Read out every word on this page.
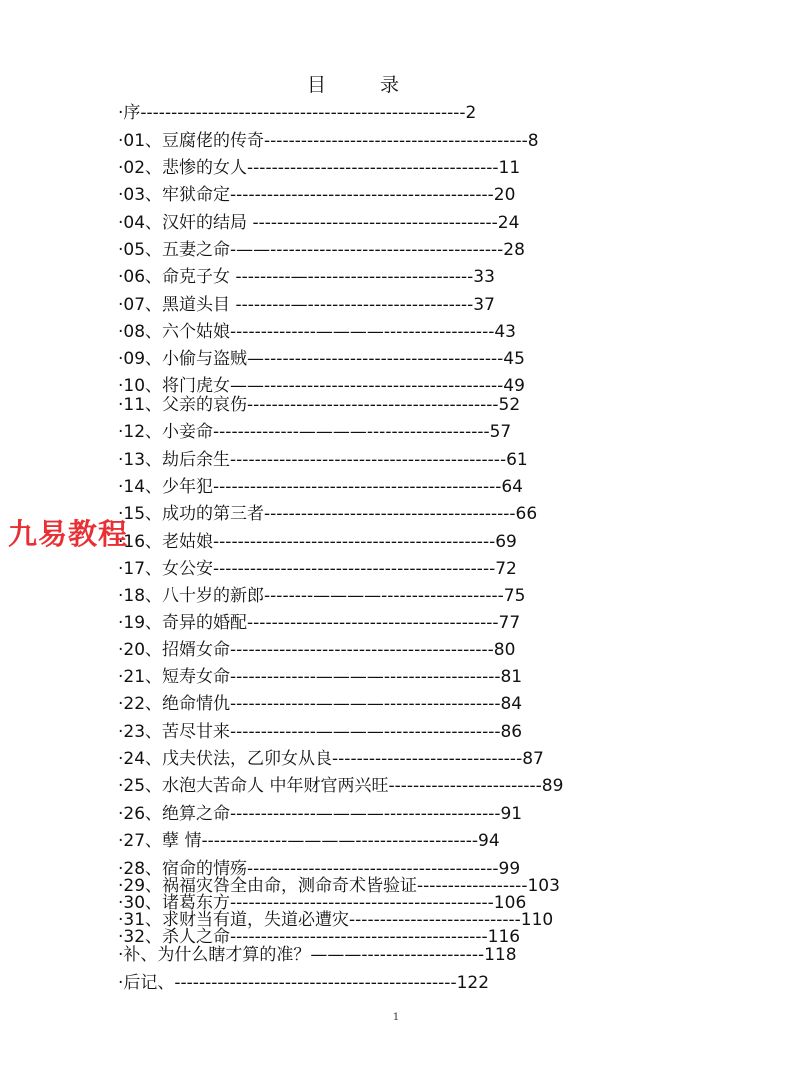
目 录
·序-----------------------------------------------------2
·01、豆腐佬的传奇-------------------------------------------8
·02、悲惨的女人-----------------------------------------11
·03、牢狱命定-------------------------------------------20
·04、汉奸的结局 ----------------------------------------24
·05、五妻之命-——--------------------------------------28
·06、命克子女 ---------—---------------------------33
·07、黑道头目 ---------—---------------------------37
·08、六个姑娘--------------————------------------43
·09、小偷与盗贼—---------------------------------------45
·10、将门虎女——---------------------------------------49
·11、父亲的哀伤-----------------------------------------52
·12、小妾命--------------————--------------------57
·13、劫后余生---------------------------------------------61
·14、少年犯-----------------------------------------------64
·15、成功的第三者-----------------------------------------66
·16、老姑娘----------------------------------------------69
·17、女公安----------------------------------------------72
·18、八十岁的新郎--------————--------------------75
·19、奇异的婚配-----------------------------------------77
·20、招婿女命-------------------------------------------80
·21、短寿女命--------------————-------------------81
·22、绝命情仇--------------————-------------------84
·23、苦尽甘来--------------————-------------------86
·24、戊夫伏法，乙卯女从良-------------------------------87
·25、水泡大苦命人 中年财官两兴旺-------------------------89
·26、绝算之命--------------————-------------------91
·27、孽 情--------------————--------------------94
·28、宿命的情殇-----------------------------------------99
·29、祸福灾咎全由命，测命奇术皆验证------------------103
·30、诸葛东方-------------------------------------------106
·31、求财当有道，失道必遭灾----------------------------110
·32、杀人之命------------------------------------------116
·补、为什么瞎才算的准？———--------------------118
·后记、----------------------------------------------122
九易教程
1
